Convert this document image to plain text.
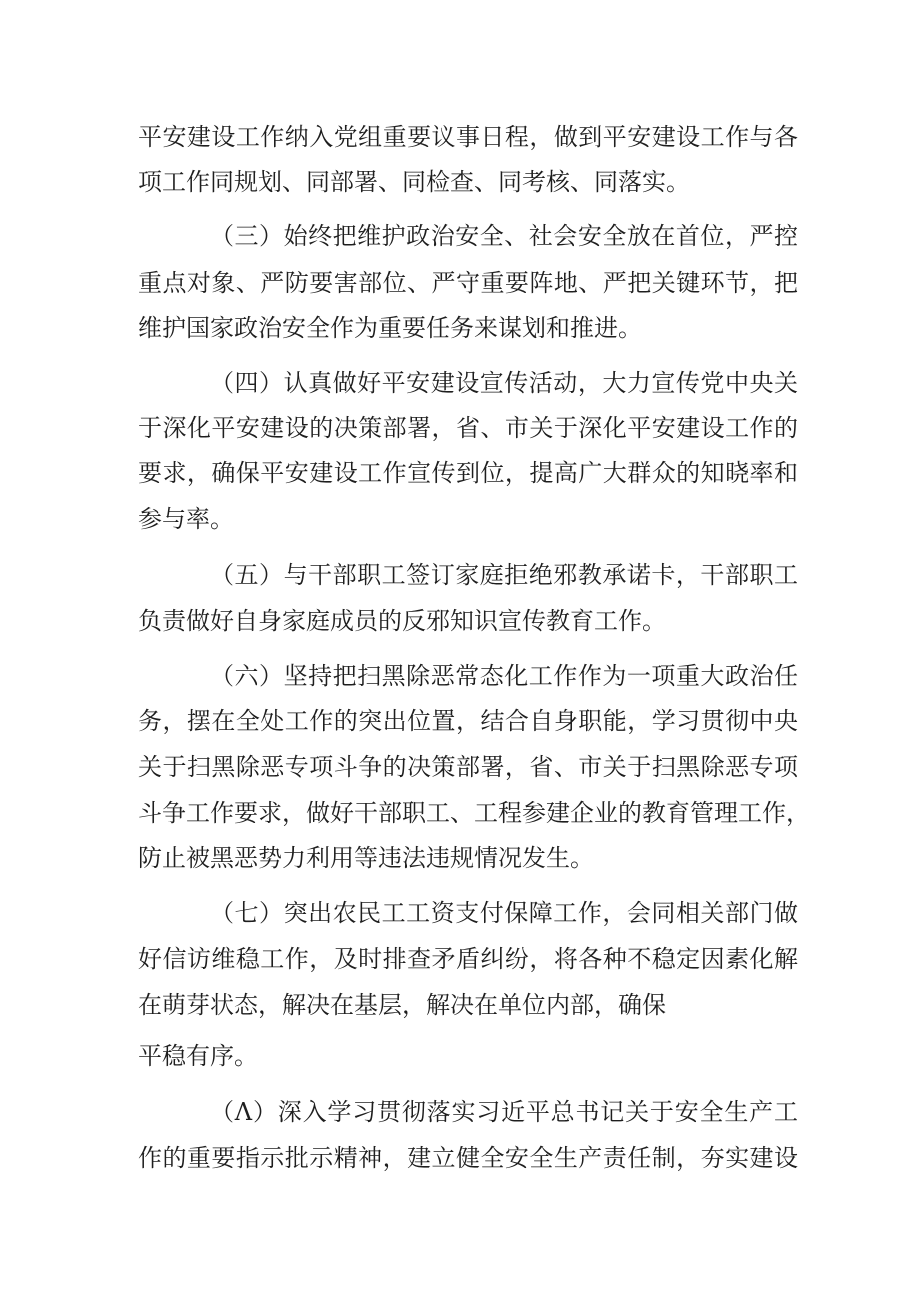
平安建设工作纳入党组重要议事日程，做到平安建设工作与各
项工作同规划、同部署、同检查、同考核、同落实。
（三）始终把维护政治安全、社会安全放在首位，严控
重点对象、严防要害部位、严守重要阵地、严把关键环节，把
维护国家政治安全作为重要任务来谋划和推进。
（四）认真做好平安建设宣传活动，大力宣传党中央关
于深化平安建设的决策部署，省、市关于深化平安建设工作的
要求，确保平安建设工作宣传到位，提高广大群众的知晓率和
参与率。
（五）与干部职工签订家庭拒绝邪教承诺卡，干部职工
负责做好自身家庭成员的反邪知识宣传教育工作。
（六）坚持把扫黑除恶常态化工作作为一项重大政治任
务，摆在全处工作的突出位置，结合自身职能，学习贯彻中央
关于扫黑除恶专项斗争的决策部署，省、市关于扫黑除恶专项
斗争工作要求，做好干部职工、工程参建企业的教育管理工作，
防止被黑恶势力利用等违法违规情况发生。
（七）突出农民工工资支付保障工作，会同相关部门做
好信访维稳工作，及时排查矛盾纠纷，将各种不稳定因素化解
在萌芽状态，解决在基层，解决在单位内部，确保
平稳有序。
（Λ）深入学习贯彻落实习近平总书记关于安全生产工
作的重要指示批示精神，建立健全安全生产责任制，夯实建设
